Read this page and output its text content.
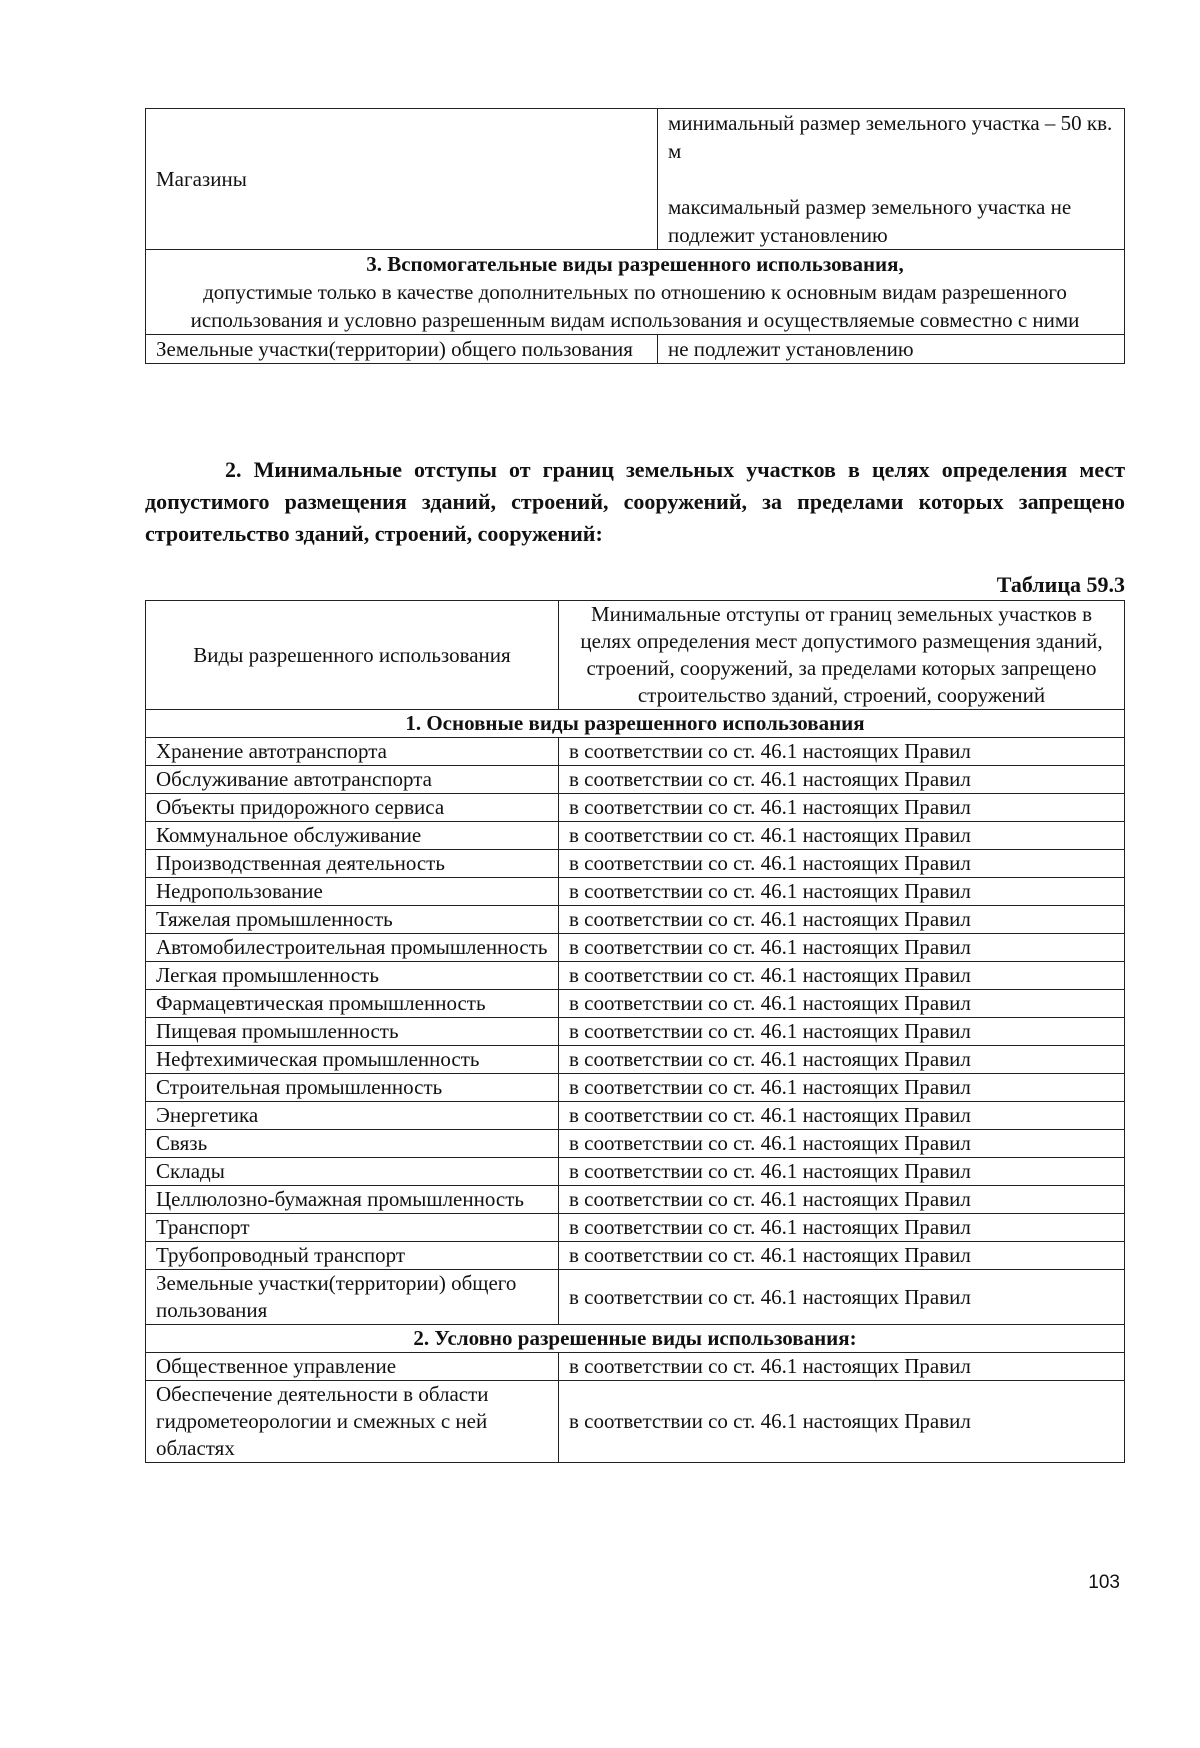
Магазины	минимальный размер земельного участка – 50 кв. м
максимальный размер земельного участка не подлежит установлению
3. Вспомогательные виды разрешенного использования,
допустимые только в качестве дополнительных по отношению к основным видам разрешенного использования и условно разрешенным видам использования и осуществляемые совместно с ними	
Земельные участки(территории) общего пользования	не подлежит установлению
2. Минимальные отступы от границ земельных участков в целях определения мест допустимого размещения зданий, строений, сооружений, за пределами которых запрещено строительство зданий, строений, сооружений:
Таблица 59.3
Виды разрешенного использования	Минимальные отступы от границ земельных участков в целях определения мест допустимого размещения зданий, строений, сооружений, за пределами которых запрещено строительство зданий, строений, сооружений
1. Основные виды разрешенного использования	
Хранение автотранспорта	в соответствии со ст. 46.1 настоящих Правил
Обслуживание автотранспорта	в соответствии со ст. 46.1 настоящих Правил
Объекты придорожного сервиса	в соответствии со ст. 46.1 настоящих Правил
Коммунальное обслуживание	в соответствии со ст. 46.1 настоящих Правил
Производственная деятельность	в соответствии со ст. 46.1 настоящих Правил
Недропользование	в соответствии со ст. 46.1 настоящих Правил
Тяжелая промышленность	в соответствии со ст. 46.1 настоящих Правил
Автомобилестроительная промышленность	в соответствии со ст. 46.1 настоящих Правил
Легкая промышленность	в соответствии со ст. 46.1 настоящих Правил
Фармацевтическая промышленность	в соответствии со ст. 46.1 настоящих Правил
Пищевая промышленность	в соответствии со ст. 46.1 настоящих Правил
Нефтехимическая промышленность	в соответствии со ст. 46.1 настоящих Правил
Строительная промышленность	в соответствии со ст. 46.1 настоящих Правил
Энергетика	в соответствии со ст. 46.1 настоящих Правил
Связь	в соответствии со ст. 46.1 настоящих Правил
Склады	в соответствии со ст. 46.1 настоящих Правил
Целлюлозно-бумажная промышленность	в соответствии со ст. 46.1 настоящих Правил
Транспорт	в соответствии со ст. 46.1 настоящих Правил
Трубопроводный транспорт	в соответствии со ст. 46.1 настоящих Правил
Земельные участки(территории) общего пользования	в соответствии со ст. 46.1 настоящих Правил
2. Условно разрешенные виды использования:	
Общественное управление	в соответствии со ст. 46.1 настоящих Правил
Обеспечение деятельности в области гидрометеорологии и смежных с ней областях	в соответствии со ст. 46.1 настоящих Правил
103
